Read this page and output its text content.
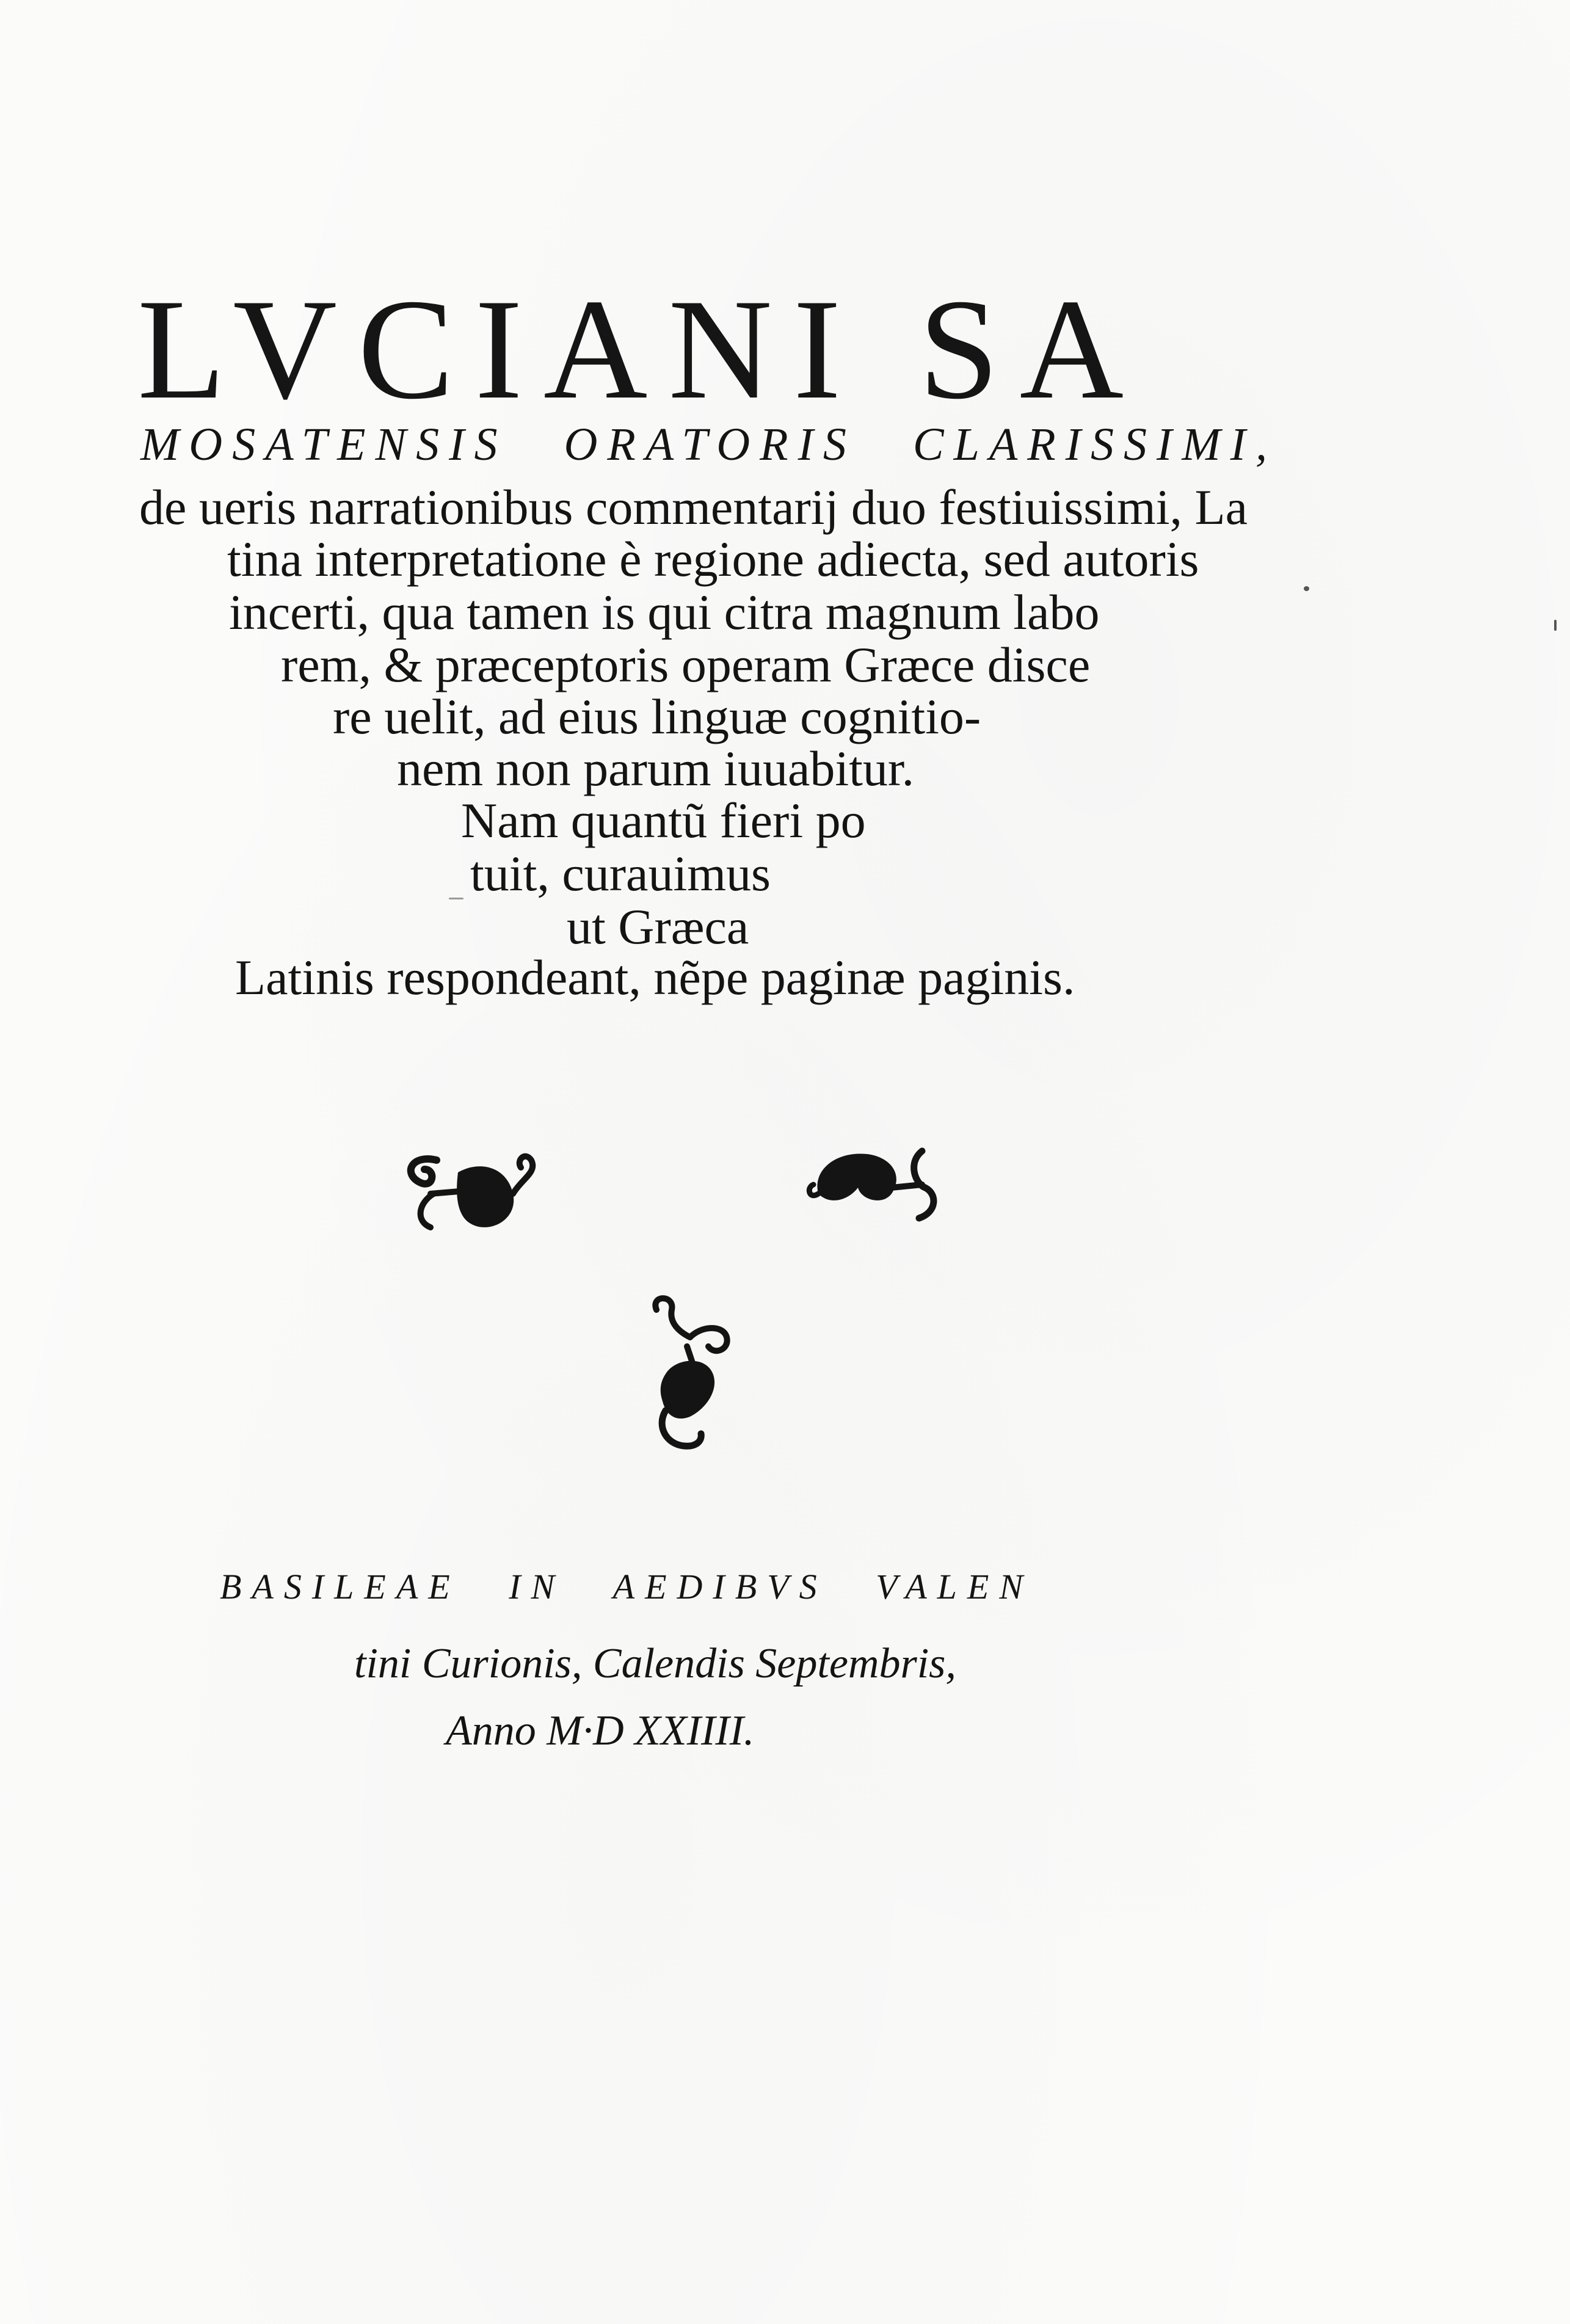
LVCIANI SA
MOSATENSIS ORATORIS CLARISSIMI,
de ueris narrationibus commentarij duo festiuissimi, La
tina interpretatione è regione adiecta, sed autoris
incerti, qua tamen is qui citra magnum labo
rem, & præceptoris operam Græce disce
re uelit, ad eius linguæ cognitio-
nem non parum iuuabitur.
Nam quantũ fieri po
tuit, curauimus
ut Græca
Latinis respondeant, nẽpe paginæ paginis.
BASILEAE IN AEDIBVS VALEN
tini Curionis, Calendis Septembris,
Anno M·D XXIIII.
